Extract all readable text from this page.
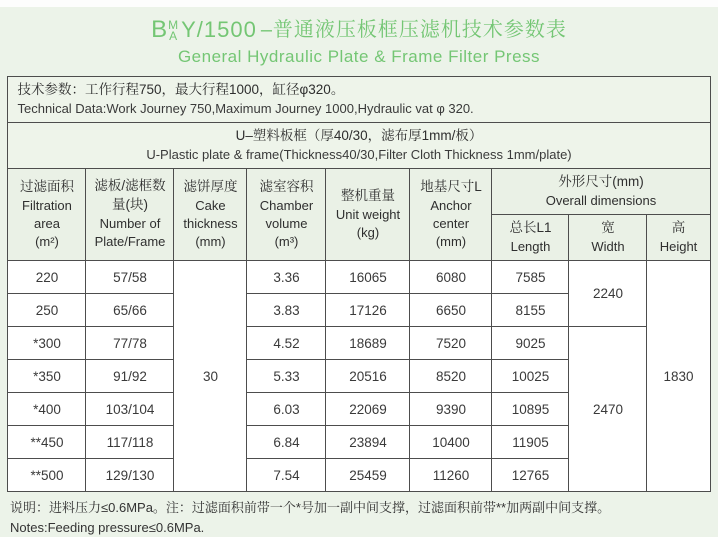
B M
A Y/1500 –普通液压板框压滤机技术参数表
General Hydraulic Plate & Frame Filter Press
技术参数：工作行程750，最大行程1000，缸径φ320。
Technical Data:Work Journey 750,Maximum Journey 1000,Hydraulic vat φ 320.								

U–塑料板框（厚40/30，滤布厚1mm/板）
U-Plastic plate & frame(Thickness40/30,Filter Cloth Thickness 1mm/plate)								

过滤面积
Filtration area
(m²)

滤板/滤框数
量(块)
Number of
Plate/Frame

滤饼厚度
Cake
thickness
(mm)

滤室容积
Chamber
volume
(m³)

整机重量
Unit weight
(kg)

地基尺寸L
Anchor
center
(mm)

外形尺寸(mm)
Overall dimensions

总长L1
Length

宽
Width

高
Height

220	57/58	30	3.36	16065	6080	7585	2240	1830
250	65/66		3.83	17126	6650	8155		
*300	77/78		4.52	18689	7520	9025	2470	
*350	91/92		5.33	20516	8520	10025		
*400	103/104		6.03	22069	9390	10895		
**450	117/118		6.84	23894	10400	11905		
**500	129/130		7.54	25459	11260	12765		
说明：进料压力≤0.6MPa。注：过滤面积前带一个*号加一副中间支撑，过滤面积前带**加两副中间支撑。
Notes:Feeding pressure≤0.6MPa.
